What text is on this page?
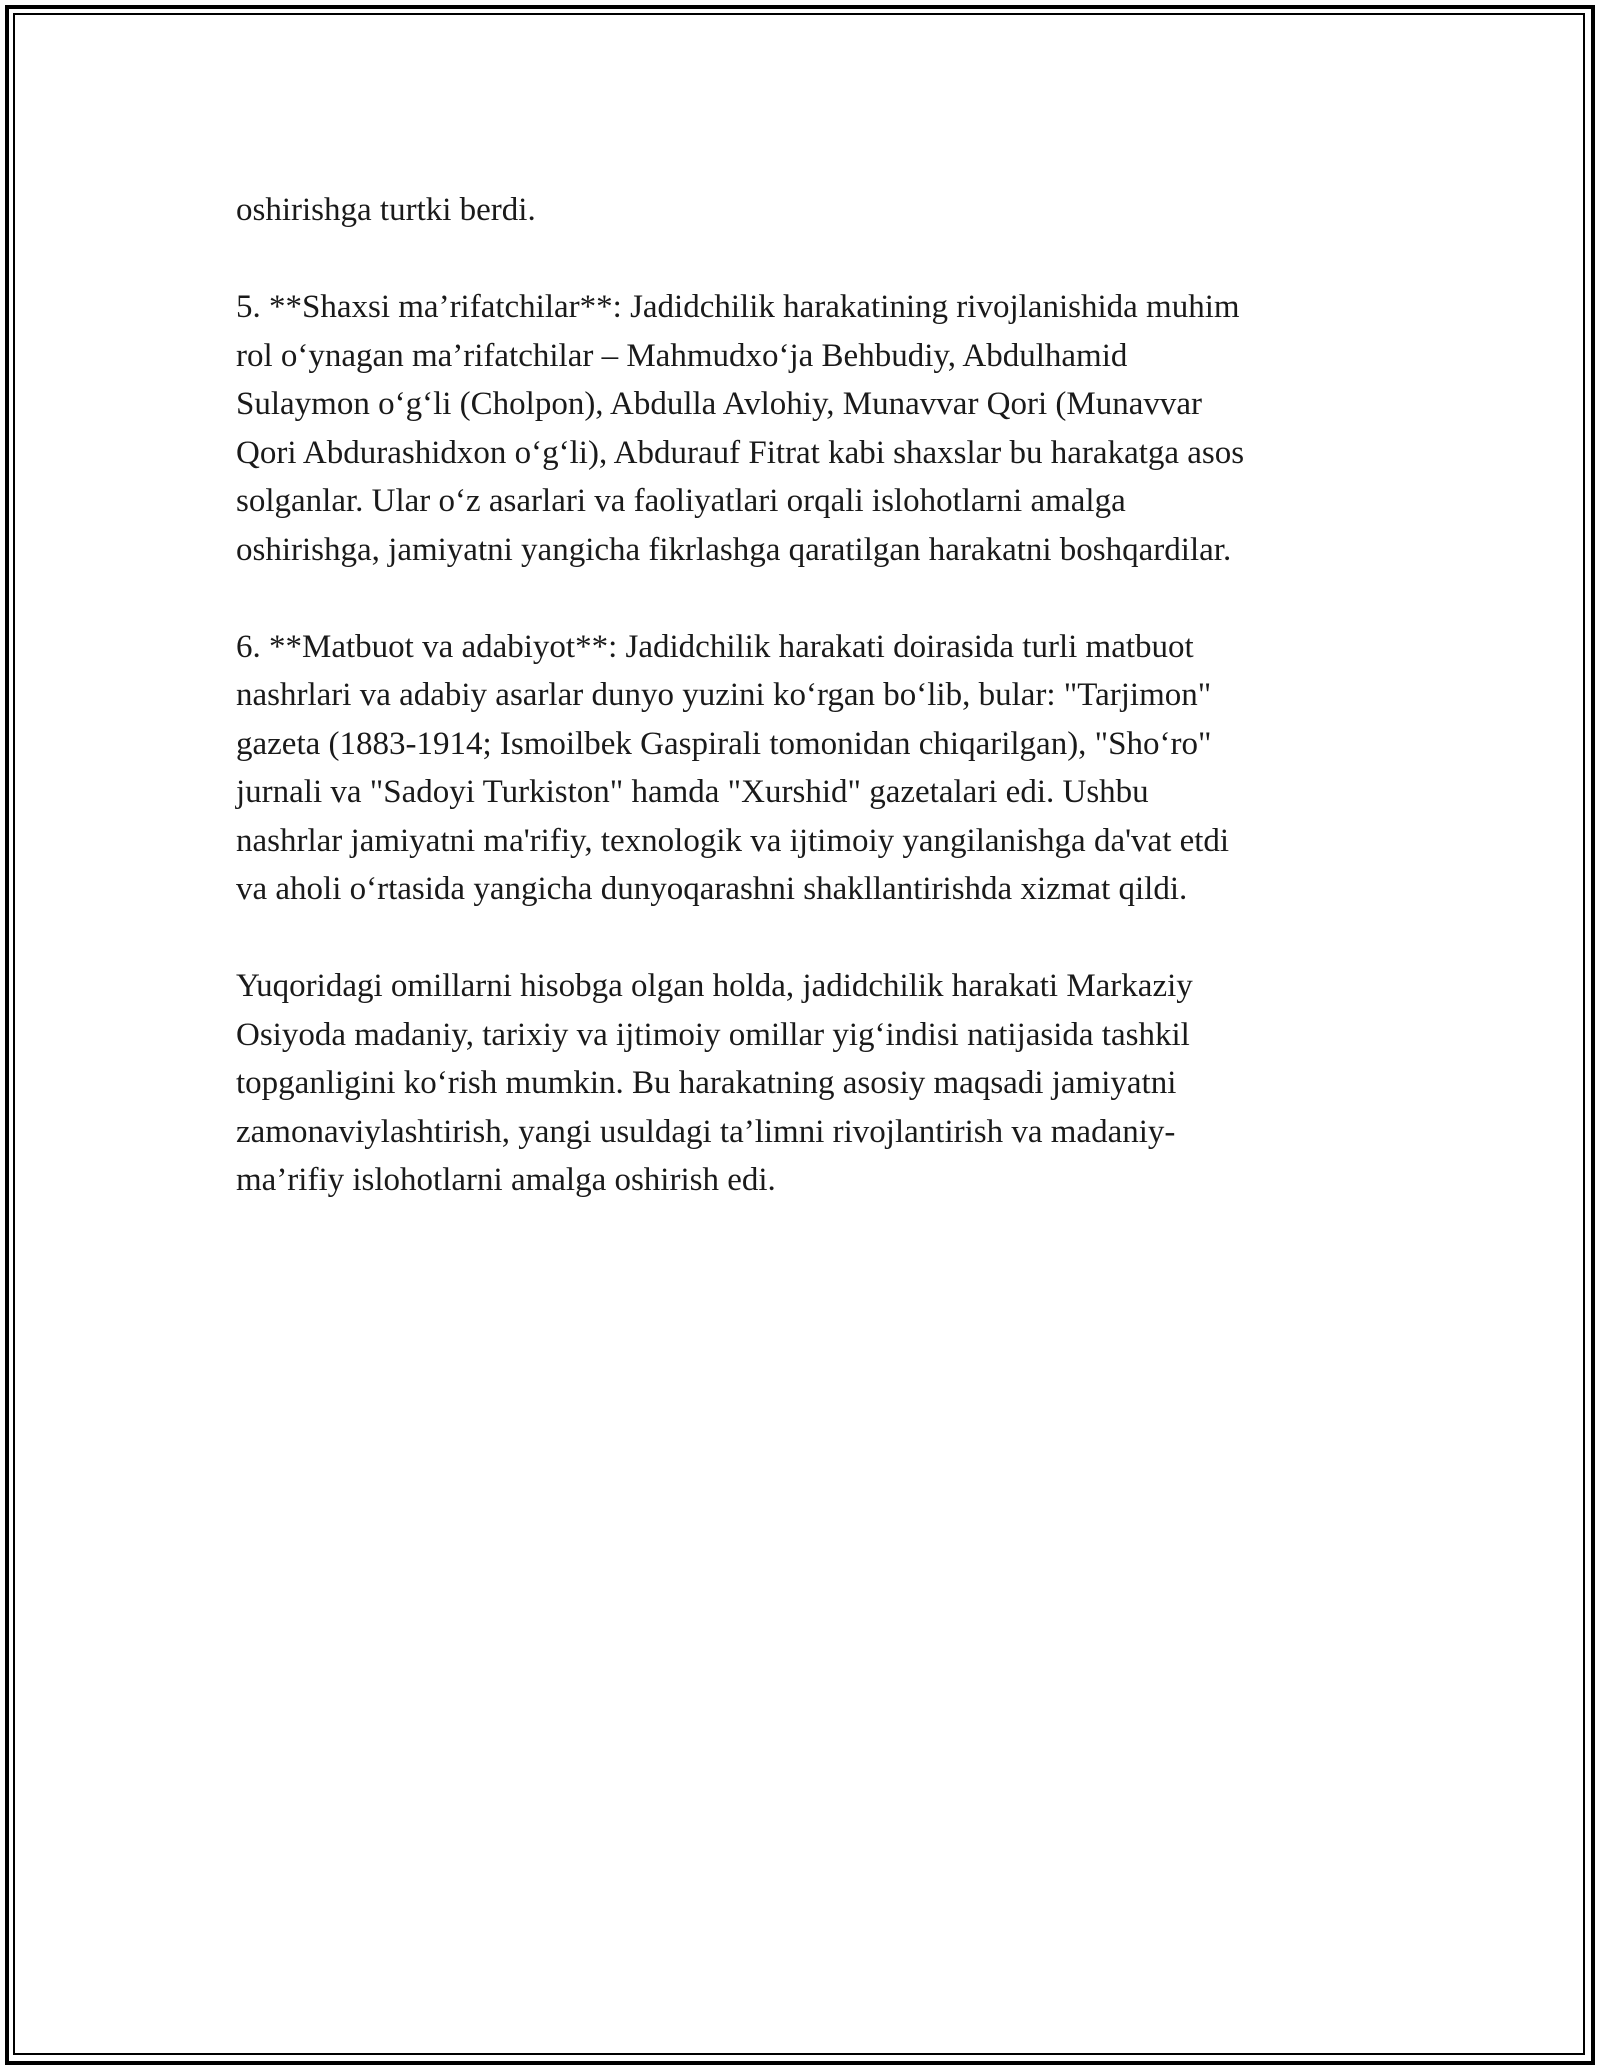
oshirishga turtki berdi.
5. **Shaxsi ma’rifatchilar**: Jadidchilik harakatining rivojlanishida muhim
rol o‘ynagan ma’rifatchilar – Mahmudxo‘ja Behbudiy, Abdulhamid
Sulaymon o‘g‘li (Cholpon), Abdulla Avlohiy, Munavvar Qori (Munavvar
Qori Abdurashidxon o‘g‘li), Abdurauf Fitrat kabi shaxslar bu harakatga asos
solganlar. Ular o‘z asarlari va faoliyatlari orqali islohotlarni amalga
oshirishga, jamiyatni yangicha fikrlashga qaratilgan harakatni boshqardilar.
6. **Matbuot va adabiyot**: Jadidchilik harakati doirasida turli matbuot
nashrlari va adabiy asarlar dunyo yuzini ko‘rgan bo‘lib, bular: "Tarjimon"
gazeta (1883-1914; Ismoilbek Gaspirali tomonidan chiqarilgan), "Sho‘ro"
jurnali va "Sadoyi Turkiston" hamda "Xurshid" gazetalari edi. Ushbu
nashrlar jamiyatni ma'rifiy, texnologik va ijtimoiy yangilanishga da'vat etdi
va aholi o‘rtasida yangicha dunyoqarashni shakllantirishda xizmat qildi.
Yuqoridagi omillarni hisobga olgan holda, jadidchilik harakati Markaziy
Osiyoda madaniy, tarixiy va ijtimoiy omillar yig‘indisi natijasida tashkil
topganligini ko‘rish mumkin. Bu harakatning asosiy maqsadi jamiyatni
zamonaviylashtirish, yangi usuldagi ta’limni rivojlantirish va madaniy-
ma’rifiy islohotlarni amalga oshirish edi.
